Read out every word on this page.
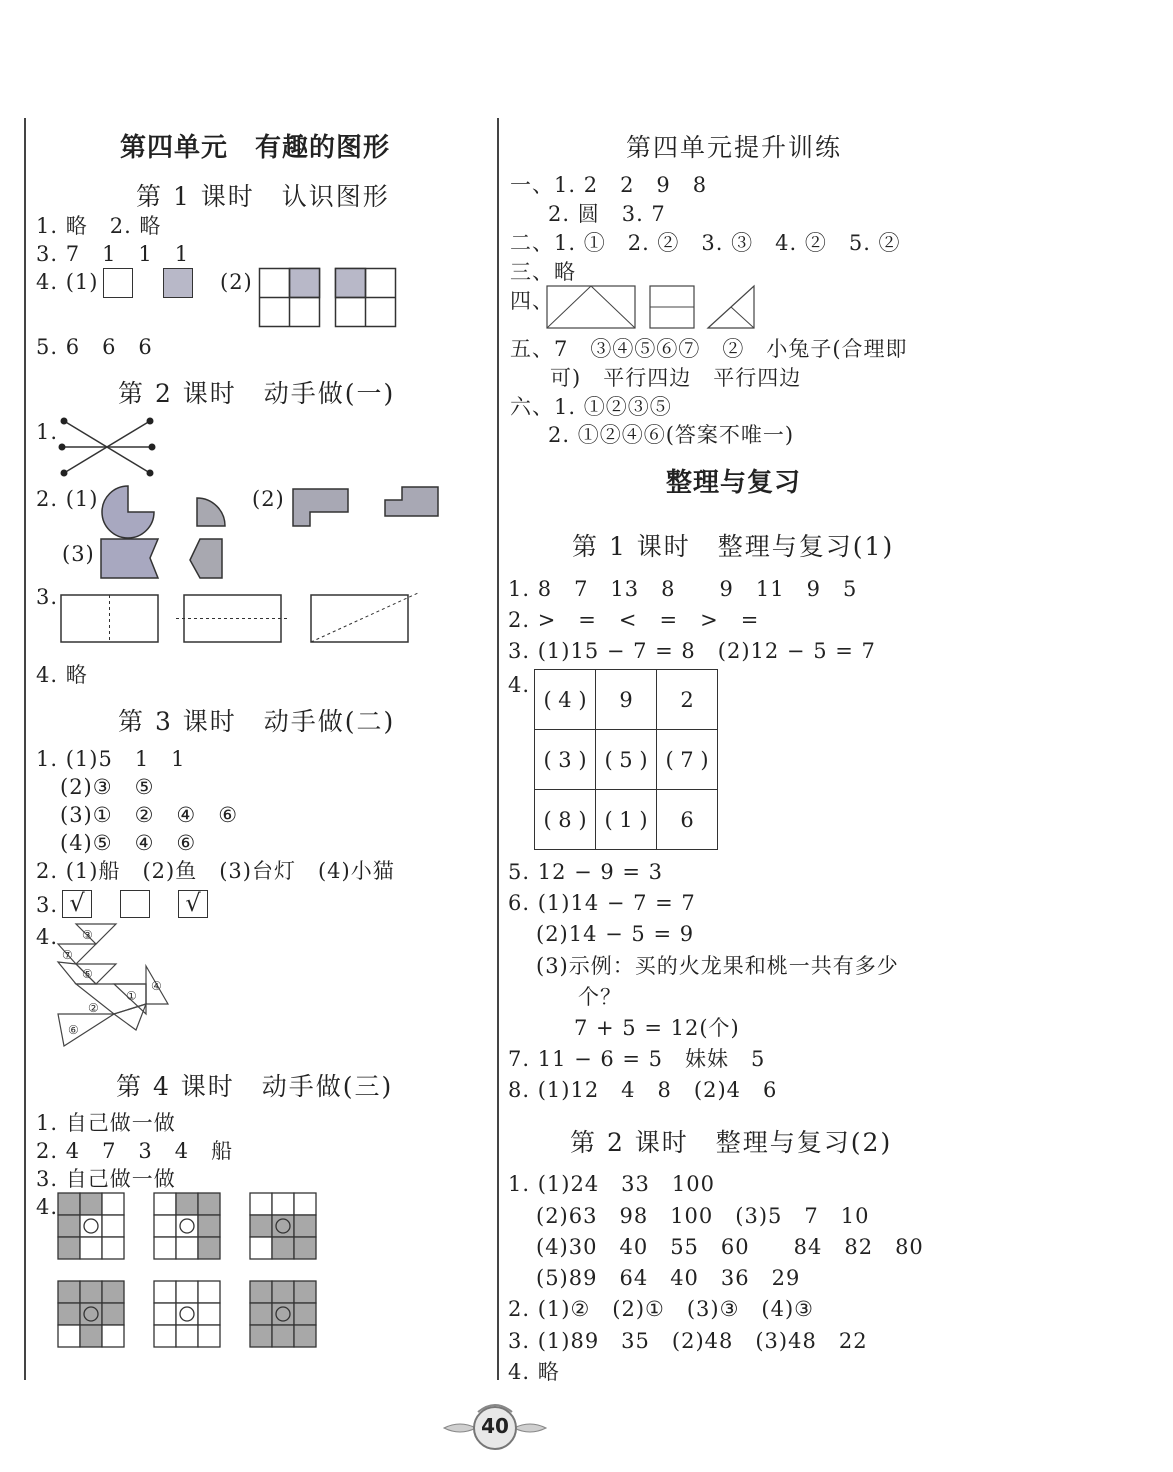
第四单元　有趣的图形
第 1 课时　认识图形
1. 略　2. 略
3. 7　1　1　1
4. (1)	(2)
5. 6　6　6
第 2 课时　动手做(一)
1.
2. (1)	(2)
(3)
3.
4. 略
第 3 课时　动手做(二)
1. (1)5　1　1
(2)③　⑤
(3)①　②　④　⑥
(4)⑤　④　⑥
2. (1)船　(2)鱼　(3)台灯　(4)小猫
3. √	√
4. ③
⑦
⑤
①
④
②
⑥
第 4 课时　动手做(三)
1. 自己做一做
2. 4　7　3　4　船
3. 自己做一做
4.
第四单元提升训练
一、1. 2　2　9　8
2. 圆　3. 7
二、1. ①　2. ②　3. ③　4. ②　5. ②
三、略
四、
五、7　③④⑤⑥⑦　②　小兔子(合理即
可)　平行四边　平行四边
六、1. ①②③⑤
2. ①②④⑥(答案不唯一)
整理与复习
第 1 课时　整理与复习(1)
1. 8　7　13　8　　9　11　9　5
2. >　=　<　=　>　=
3. (1)15 − 7 = 8　(2)12 − 5 = 7
4.
( 4 )	9	2
( 3 )	( 5 )	( 7 )
( 8 )	( 1 )	6
5. 12 − 9 = 3
6. (1)14 − 7 = 7
(2)14 − 5 = 9
(3)示例：买的火龙果和桃一共有多少
个？
7 + 5 = 12(个)
7. 11 − 6 = 5　妹妹　5
8. (1)12　4　8　(2)4　6
第 2 课时　整理与复习(2)
1. (1)24　33　100
(2)63　98　100　(3)5　7　10
(4)30　40　55　60　　84　82　80
(5)89　64　40　36　29
2. (1)②　(2)①　(3)③　(4)③
3. (1)89　35　(2)48　(3)48　22
4. 略
40
